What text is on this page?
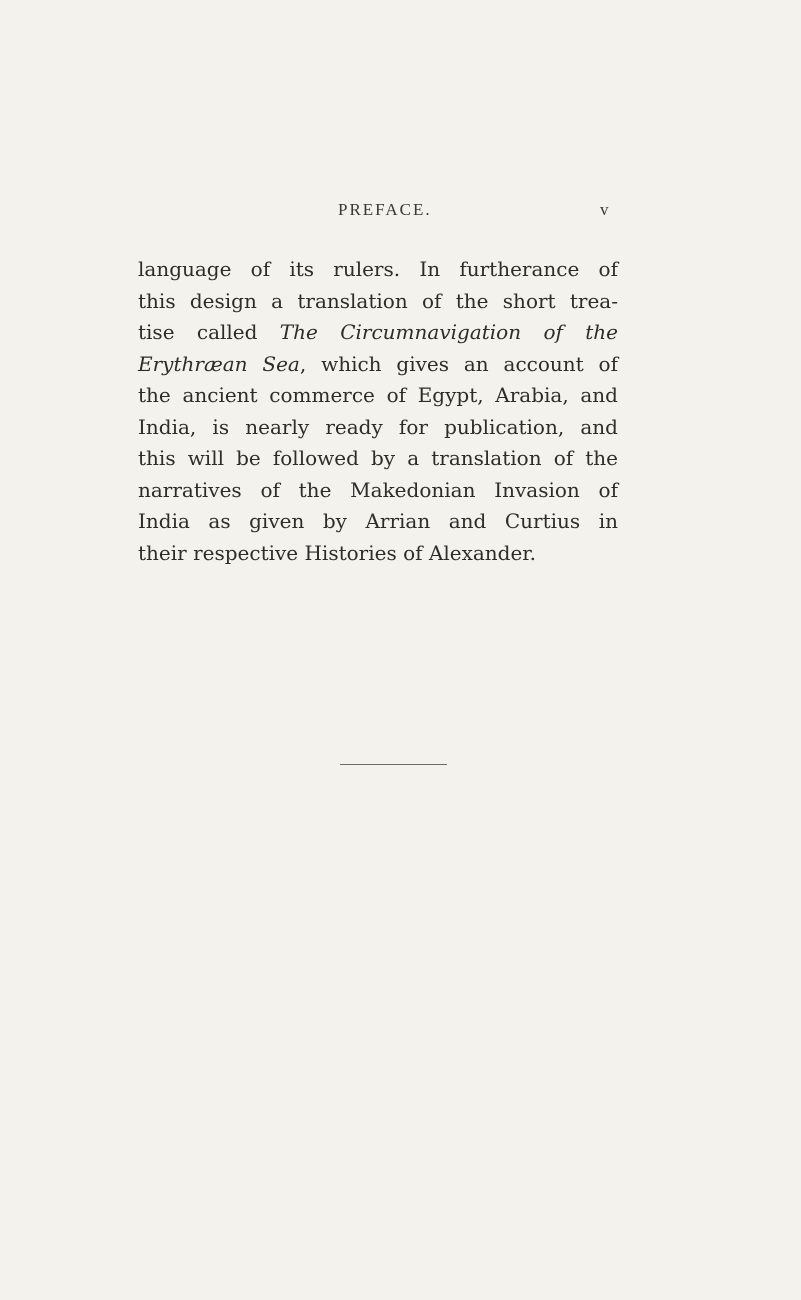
PREFACE.	v
language of its rulers. In furtherance of
this design a translation of the short trea-
tise called The Circumnavigation of the
Erythræan Sea, which gives an account of
the ancient commerce of Egypt, Arabia, and
India, is nearly ready for publication, and
this will be followed by a translation of the
narratives of the Makedonian Invasion of
India as given by Arrian and Curtius in
their respective Histories of Alexander.
